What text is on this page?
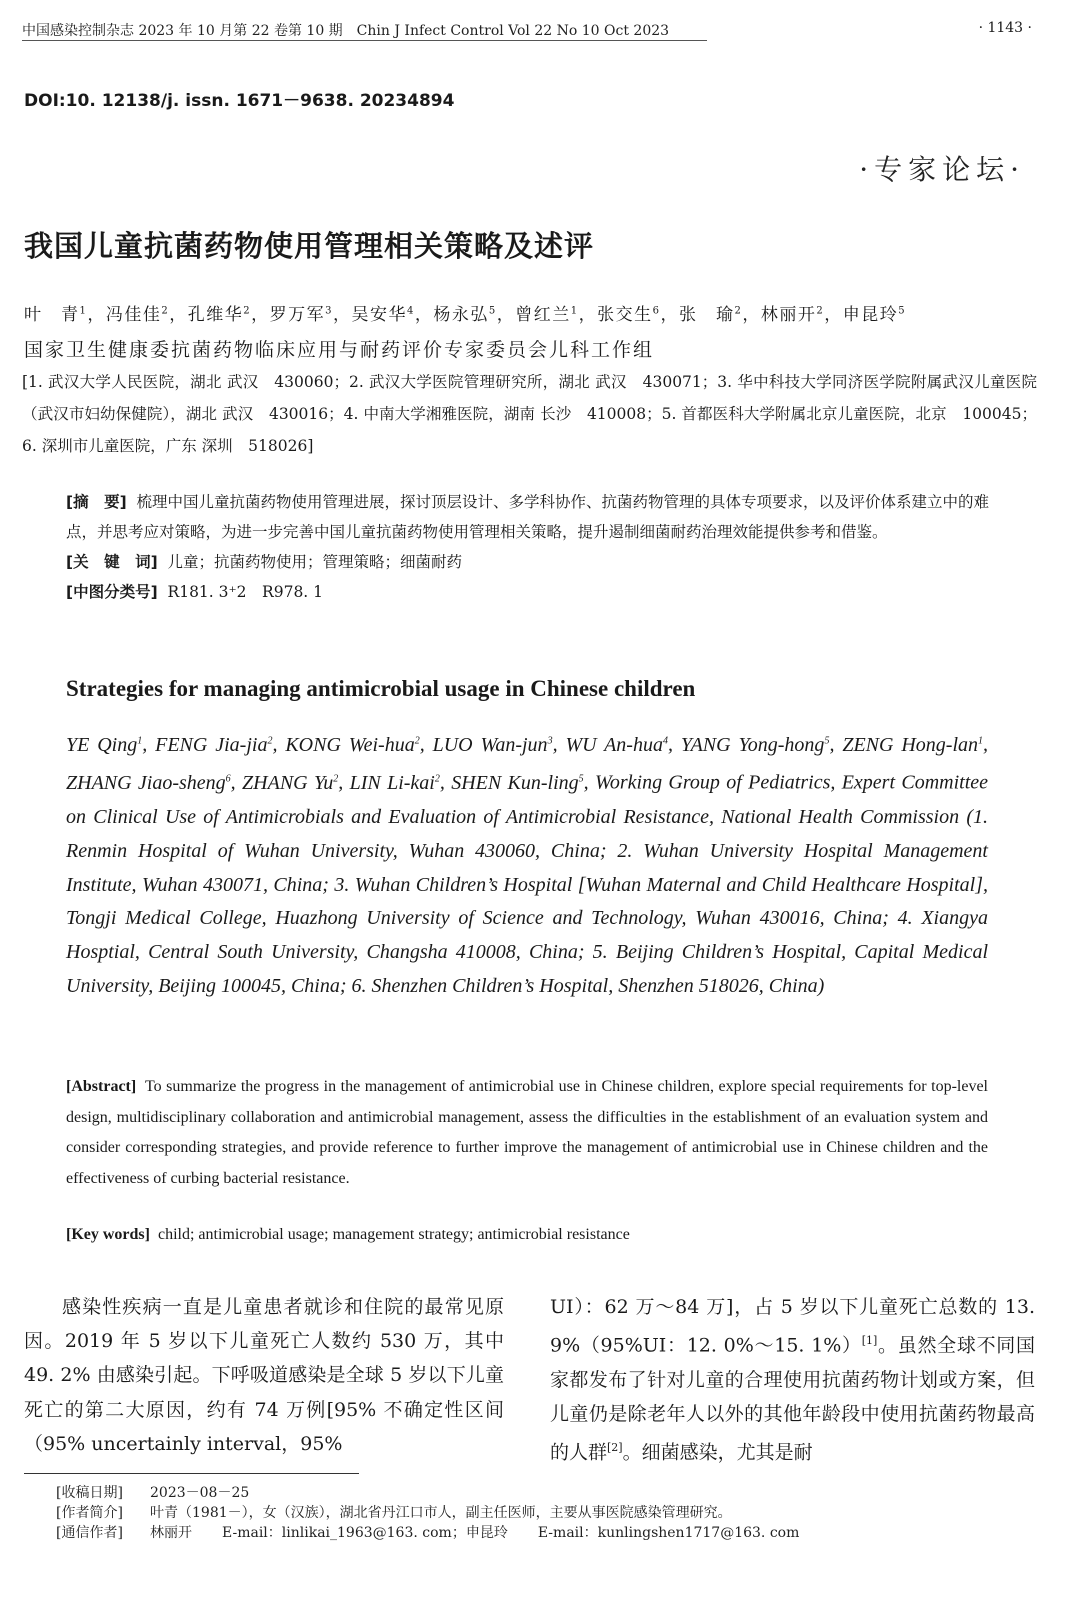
中国感染控制杂志 2023 年 10 月第 22 卷第 10 期　Chin J Infect Control Vol 22 No 10 Oct 2023	· 1143 ·
DOI:10. 12138/j. issn. 1671－9638. 20234894
·专家论坛·
我国儿童抗菌药物使用管理相关策略及述评
叶　青$^1$，冯佳佳$^2$，孔维华$^2$，罗万军$^3$，吴安华$^4$，杨永弘$^5$，曾红兰$^1$，张交生$^6$，张　瑜$^2$，林丽开$^2$，申昆玲$^5$
国家卫生健康委抗菌药物临床应用与耐药评价专家委员会儿科工作组
[1. 武汉大学人民医院，湖北 武汉　430060；2. 武汉大学医院管理研究所，湖北 武汉　430071；3. 华中科技大学同济医学院附属武汉儿童医院（武汉市妇幼保健院），湖北 武汉　430016；4. 中南大学湘雅医院，湖南 长沙　410008；5. 首都医科大学附属北京儿童医院，北京　100045；6. 深圳市儿童医院，广东 深圳　518026]
[摘　要] 梳理中国儿童抗菌药物使用管理进展，探讨顶层设计、多学科协作、抗菌药物管理的具体专项要求，以及评价体系建立中的难点，并思考应对策略，为进一步完善中国儿童抗菌药物使用管理相关策略，提升遏制细菌耐药治理效能提供参考和借鉴。
[关　键　词] 儿童；抗菌药物使用；管理策略；细菌耐药
[中图分类号] R181. 3⁺2　R978. 1
Strategies for managing antimicrobial usage in Chinese children
YE Qing$^1$, FENG Jia-jia$^2$, KONG Wei-hua$^2$, LUO Wan-jun$^3$, WU An-hua$^4$, YANG Yong-hong$^5$, ZENG Hong-lan$^1$, ZHANG Jiao-sheng$^6$, ZHANG Yu$^2$, LIN Li-kai$^2$, SHEN Kun-ling$^5$, Working Group of Pediatrics, Expert Committee on Clinical Use of Antimicrobials and Evaluation of Antimicrobial Resistance, National Health Commission (1. Renmin Hospital of Wuhan University, Wuhan 430060, China; 2. Wuhan University Hospital Management Institute, Wuhan 430071, China; 3. Wuhan Children’s Hospital [Wuhan Maternal and Child Healthcare Hospital], Tongji Medical College, Huazhong University of Science and Technology, Wuhan 430016, China; 4. Xiangya Hosptial, Central South University, Changsha 410008, China; 5. Beijing Children’s Hospital, Capital Medical University, Beijing 100045, China; 6. Shenzhen Children’s Hospital, Shenzhen 518026, China)
[Abstract] To summarize the progress in the management of antimicrobial use in Chinese children, explore special requirements for top-level design, multidisciplinary collaboration and antimicrobial management, assess the difficulties in the establishment of an evaluation system and consider corresponding strategies, and provide reference to further improve the management of antimicrobial use in Chinese children and the effectiveness of curbing bacterial resistance.
[Key words] child; antimicrobial usage; management strategy; antimicrobial resistance
感染性疾病一直是儿童患者就诊和住院的最常见原因。2019 年 5 岁以下儿童死亡人数约 530 万，其中 49. 2% 由感染引起。下呼吸道感染是全球 5 岁以下儿童死亡的第二大原因，约有 74 万例[95% 不确定性区间（95% uncertainly interval，95%
UI）：62 万～84 万]，占 5 岁以下儿童死亡总数的 13. 9%（95%UI：12. 0%～15. 1%）[1]。虽然全球不同国家都发布了针对儿童的合理使用抗菌药物计划或方案，但儿童仍是除老年人以外的其他年龄段中使用抗菌药物最高的人群[2]。细菌感染，尤其是耐
[收稿日期] 2023－08－25
[作者简介] 叶青（1981－），女（汉族），湖北省丹江口市人，副主任医师，主要从事医院感染管理研究。
[通信作者] 林丽开 E-mail：linlikai_1963@163. com；申昆玲 E-mail：kunlingshen1717@163. com
